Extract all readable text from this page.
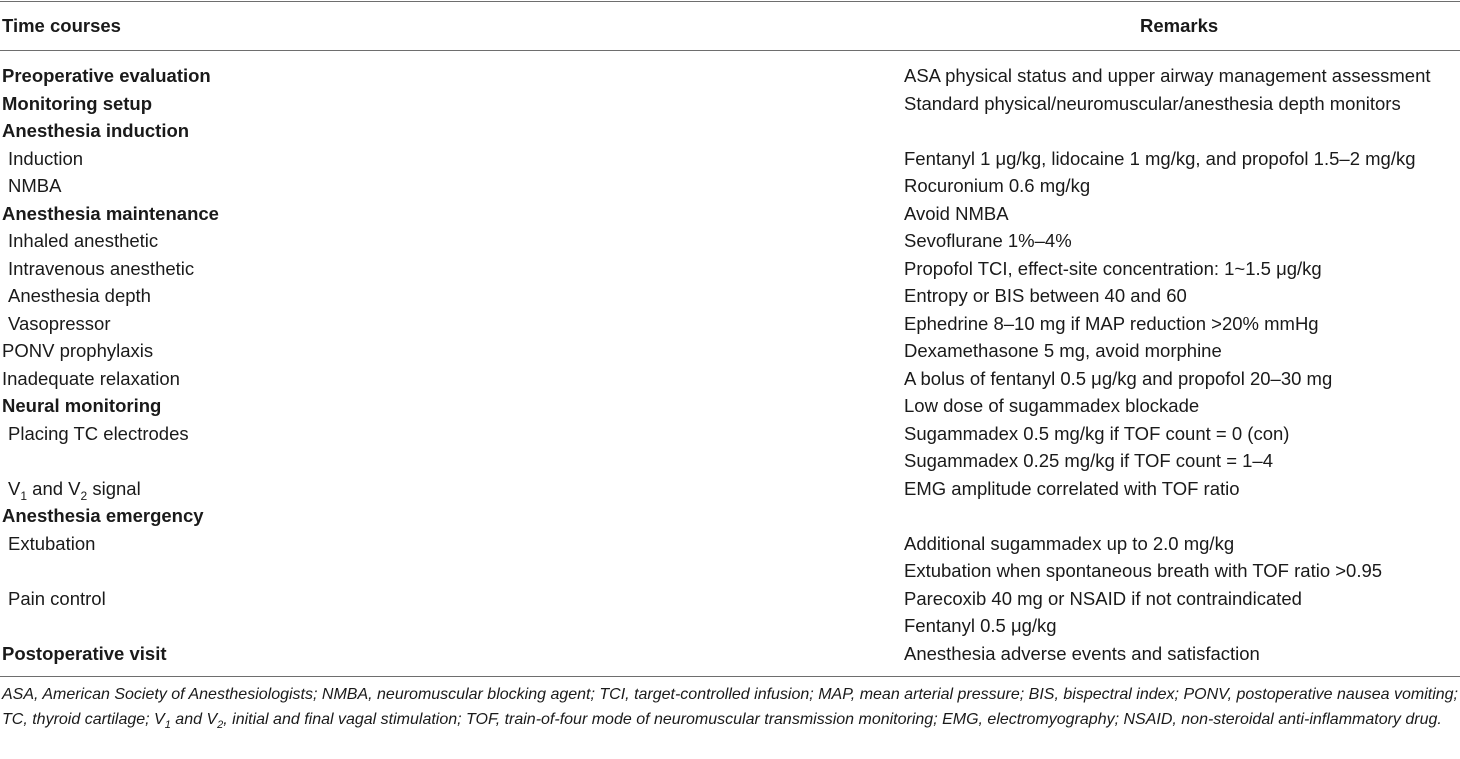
Time courses	Remarks
Preoperative evaluation	ASA physical status and upper airway management assessment
Monitoring setup	Standard physical/neuromuscular/anesthesia depth monitors
Anesthesia induction
Induction	Fentanyl 1 μg/kg, lidocaine 1 mg/kg, and propofol 1.5–2 mg/kg
NMBA	Rocuronium 0.6 mg/kg
Anesthesia maintenance	Avoid NMBA
Inhaled anesthetic	Sevoflurane 1%–4%
Intravenous anesthetic	Propofol TCI, effect-site concentration: 1~1.5 μg/kg
Anesthesia depth	Entropy or BIS between 40 and 60
Vasopressor	Ephedrine 8–10 mg if MAP reduction >20% mmHg
PONV prophylaxis	Dexamethasone 5 mg, avoid morphine
Inadequate relaxation	A bolus of fentanyl 0.5 μg/kg and propofol 20–30 mg
Neural monitoring	Low dose of sugammadex blockade
Placing TC electrodes	Sugammadex 0.5 mg/kg if TOF count = 0 (con)
Sugammadex 0.25 mg/kg if TOF count = 1–4
$V_1$ and $V_2$ signal	EMG amplitude correlated with TOF ratio
Anesthesia emergency
Extubation	Additional sugammadex up to 2.0 mg/kg
Extubation when spontaneous breath with TOF ratio >0.95
Pain control	Parecoxib 40 mg or NSAID if not contraindicated
Fentanyl 0.5 μg/kg
Postoperative visit	Anesthesia adverse events and satisfaction
ASA, American Society of Anesthesiologists; NMBA, neuromuscular blocking agent; TCI, target-controlled infusion; MAP, mean arterial pressure; BIS, bispectral index; PONV, postoperative nausea vomiting; TC, thyroid cartilage; $V_1$ and $V_2$, initial and final vagal stimulation; TOF, train-of-four mode of neuromuscular transmission monitoring; EMG, electromyography; NSAID, non-steroidal anti-inflammatory drug.
